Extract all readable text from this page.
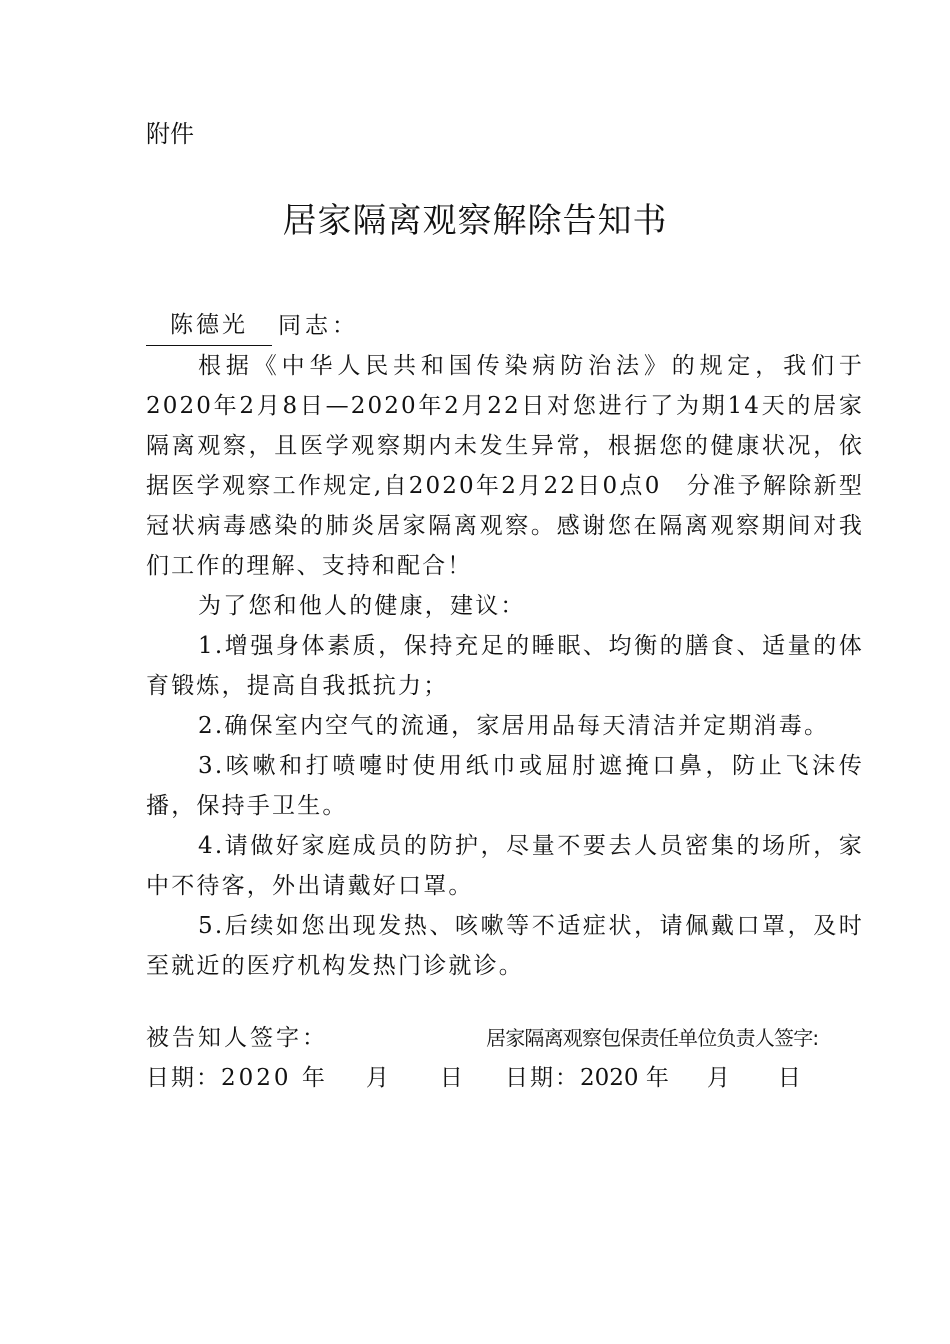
附件
居家隔离观察解除告知书
陈德光	同志：
根据《中华人民共和国传染病防治法》的规定，我们于2020年2月8日—2020年2月22日对您进行了为期14天的居家隔离观察，且医学观察期内未发生异常，根据您的健康状况，依据医学观察工作规定,自2020年2月22日0点0　分准予解除新型冠状病毒感染的肺炎居家隔离观察。感谢您在隔离观察期间对我们工作的理解、支持和配合！
为了您和他人的健康，建议：
1.增强身体素质，保持充足的睡眠、均衡的膳食、适量的体育锻炼，提高自我抵抗力；
2.确保室内空气的流通，家居用品每天清洁并定期消毒。
3.咳嗽和打喷嚏时使用纸巾或屈肘遮掩口鼻，防止飞沫传播，保持手卫生。
4.请做好家庭成员的防护，尽量不要去人员密集的场所，家中不待客，外出请戴好口罩。
5.后续如您出现发热、咳嗽等不适症状，请佩戴口罩，及时至就近的医疗机构发热门诊就诊。
被告知人签字：	居家隔离观察包保责任单位负责人签字:
日期：2020 年 月 日	日期：2020 年 月 日
